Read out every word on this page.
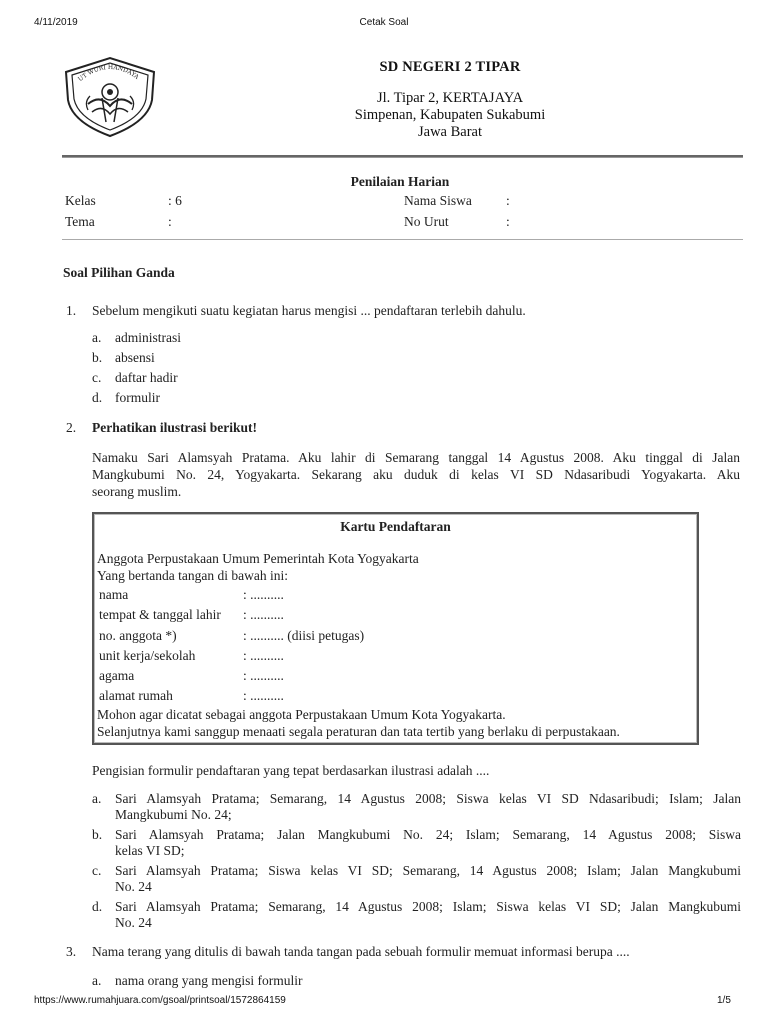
4/11/2019	Cetak Soal
UT WURI HANDAYA
SD NEGERI 2 TIPAR
Jl. Tipar 2, KERTAJAYA
Simpenan, Kabupaten Sukabumi
Jawa Barat
Penilaian Harian
Kelas	: 6	Nama Siswa	:
Tema	:	No Urut	:
Soal Pilihan Ganda
1. Sebelum mengikuti suatu kegiatan harus mengisi ... pendaftaran terlebih dahulu.
a. administrasi
b. absensi
c. daftar hadir
d. formulir
2. Perhatikan ilustrasi berikut!
Namaku Sari Alamsyah Pratama. Aku lahir di Semarang tanggal 14 Agustus 2008. Aku tinggal di Jalan
Mangkubumi No. 24, Yogyakarta. Sekarang aku duduk di kelas VI SD Ndasaribudi Yogyakarta. Aku
seorang muslim.
Kartu Pendaftaran
Anggota Perpustakaan Umum Pemerintah Kota Yogyakarta
Yang bertanda tangan di bawah ini:
nama	: ..........
tempat & tanggal lahir : ..........
no. anggota *)	: .......... (diisi petugas)
unit kerja/sekolah	: ..........
agama	: ..........
alamat rumah	: ..........
Mohon agar dicatat sebagai anggota Perpustakaan Umum Kota Yogyakarta.
Selanjutnya kami sanggup menaati segala peraturan dan tata tertib yang berlaku di perpustakaan.
Pengisian formulir pendaftaran yang tepat berdasarkan ilustrasi adalah ....
a. Sari Alamsyah Pratama; Semarang, 14 Agustus 2008; Siswa kelas VI SD Ndasaribudi; Islam; Jalan
Mangkubumi No. 24;
b. Sari Alamsyah Pratama; Jalan Mangkubumi No. 24; Islam; Semarang, 14 Agustus 2008; Siswa
kelas VI SD;
c. Sari Alamsyah Pratama; Siswa kelas VI SD; Semarang, 14 Agustus 2008; Islam; Jalan Mangkubumi
No. 24
d. Sari Alamsyah Pratama; Semarang, 14 Agustus 2008; Islam; Siswa kelas VI SD; Jalan Mangkubumi
No. 24
3. Nama terang yang ditulis di bawah tanda tangan pada sebuah formulir memuat informasi berupa ....
a. nama orang yang mengisi formulir
https://www.rumahjuara.com/gsoal/printsoal/1572864159	1/5
